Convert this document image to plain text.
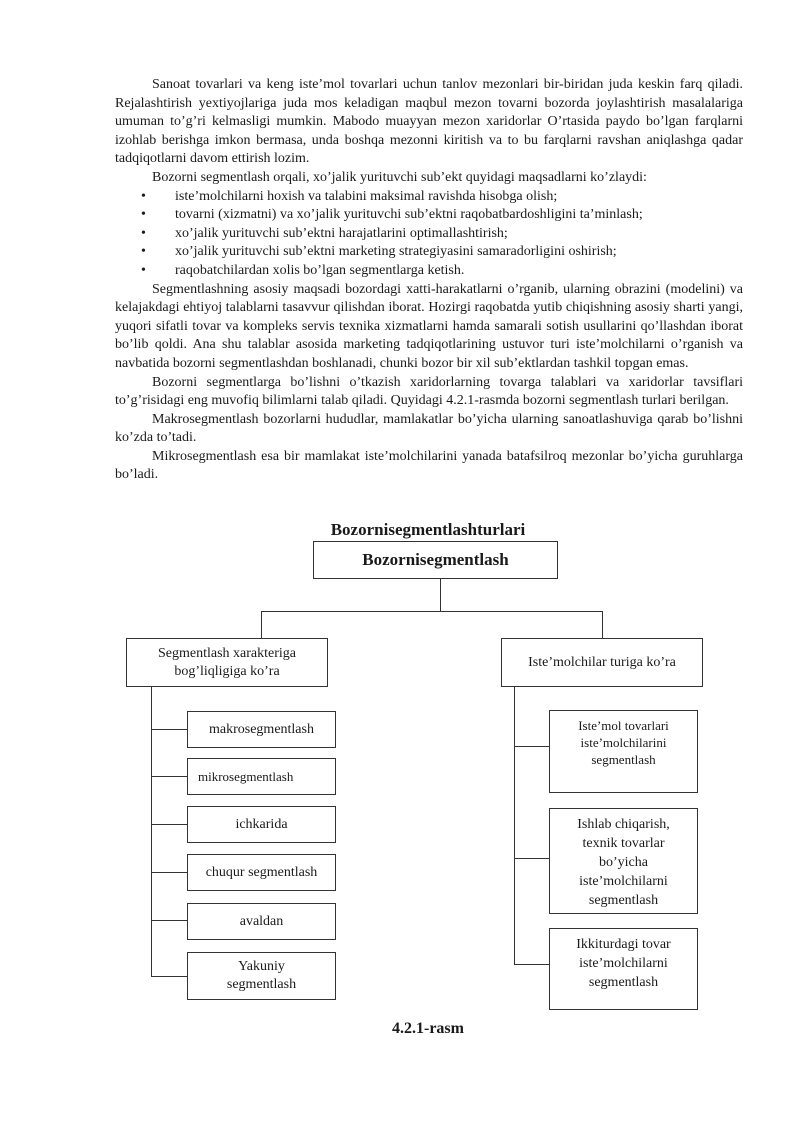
Sanoat tovarlari va keng iste’mol tovarlari uchun tanlov mezonlari bir-biridan juda keskin farq qiladi. Rejalashtirish yextiyojlariga juda mos keladigan maqbul mezon tovarni bozorda joylashtirish masalalariga umuman to’g’ri kelmasligi mumkin. Mabodo muayyan mezon xaridorlar O’rtasida paydo bo’lgan farqlarni izohlab berishga imkon bermasa, unda boshqa mezonni kiritish va to bu farqlarni ravshan aniqlashga qadar tadqiqotlarni davom ettirish lozim.

Bozorni segmentlash orqali, xo’jalik yurituvchi sub’ekt quyidagi maqsadlarni ko’zlaydi:

• iste’molchilarni hoxish va talabini maksimal ravishda hisobga olish;
• tovarni (xizmatni) va xo’jalik yurituvchi sub’ektni raqobatbardoshligini ta’minlash;
• xo’jalik yurituvchi sub’ektni harajatlarini optimallashtirish;
• xo’jalik yurituvchi sub’ektni marketing strategiyasini samaradorligini oshirish;
• raqobatchilardan xolis bo’lgan segmentlarga ketish.

Segmentlashning asosiy maqsadi bozordagi xatti-harakatlarni o’rganib, ularning obrazini (modelini) va kelajakdagi ehtiyoj talablarni tasavvur qilishdan iborat. Hozirgi raqobatda yutib chiqishning asosiy sharti yangi, yuqori sifatli tovar va kompleks servis texnika xizmatlarni hamda samarali sotish usullarini qo’llashdan iborat bo’lib qoldi. Ana shu talablar asosida marketing tadqiqotlarining ustuvor turi iste’molchilarni o’rganish va navbatida bozorni segmentlashdan boshlanadi, chunki bozor bir xil sub’ektlardan tashkil topgan emas.

Bozorni segmentlarga bo’lishni o’tkazish xaridorlarning tovarga talablari va xaridorlar tavsiflari to’g’risidagi eng muvofiq bilimlarni talab qiladi. Quyidagi 4.2.1-rasmda bozorni segmentlash turlari berilgan.

Makrosegmentlash bozorlarni hududlar, mamlakatlar bo’yicha ularning sanoatlashuviga qarab bo’lishni ko’zda to’tadi.

Mikrosegmentlash esa bir mamlakat iste’molchilarini yanada batafsilroq mezonlar bo’yicha guruhlarga bo’ladi.

Bozornisegmentlashturlari
Bozornisegmentlash
Segmentlash xarakteriga bog’liqligiga ko’ra
Iste’molchilar turiga ko’ra
makrosegmentlash
mikrosegmentlash
ichkarida
chuqur segmentlash
avaldan
Yakuniy segmentlash
Iste’mol tovarlari iste’molchilarini segmentlash
Ishlab chiqarish, texnik tovarlar bo’yicha iste’molchilarni segmentlash
Ikkiturdagi tovar iste’molchilarni segmentlash
4.2.1-rasm
